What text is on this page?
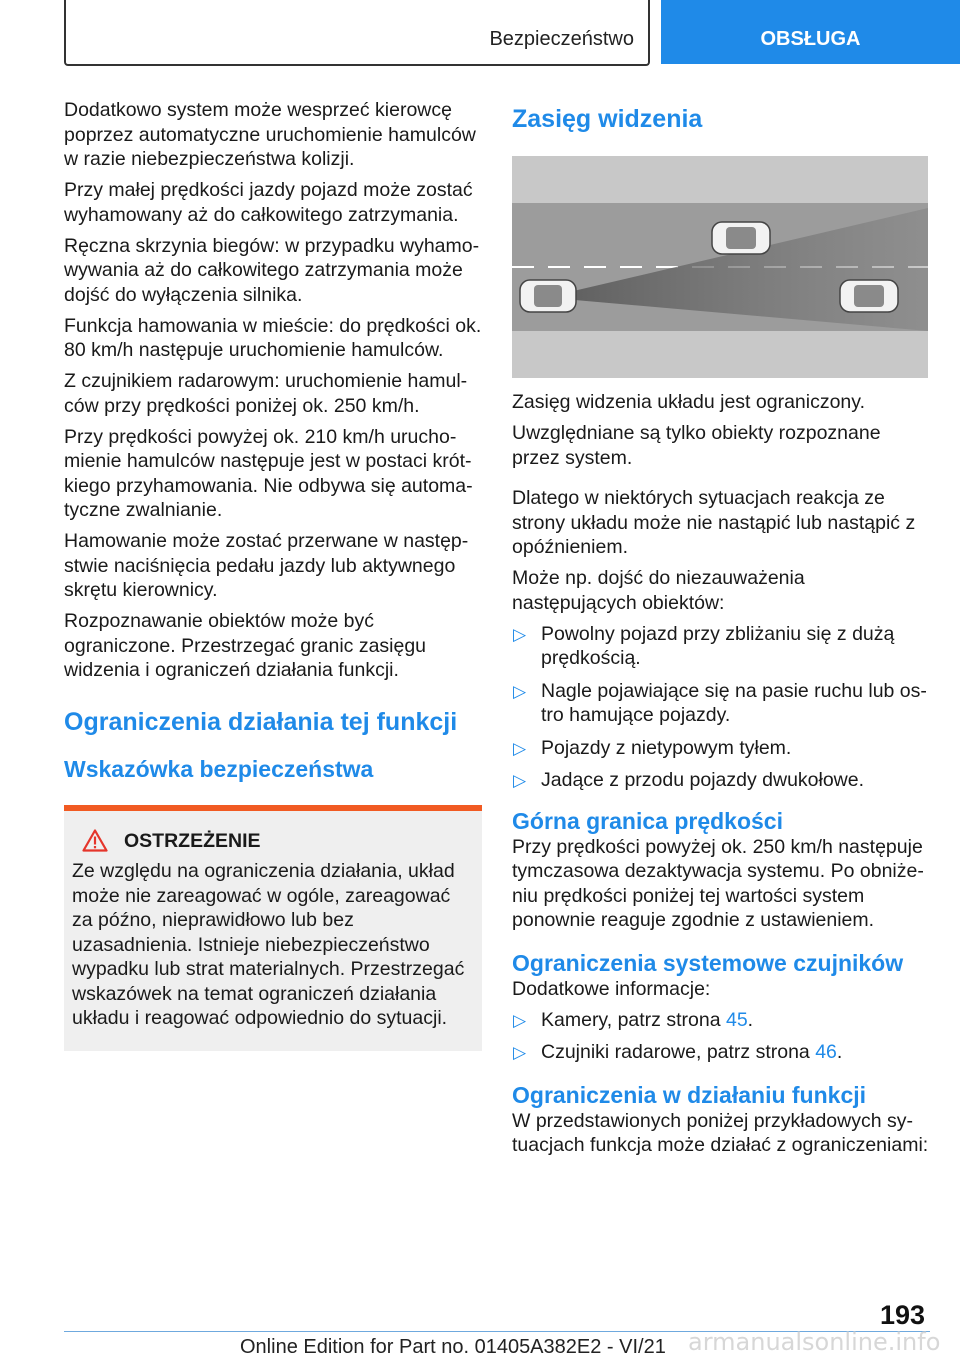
Bezpieczeństwo	OBSŁUGA

Dodatkowo system może wesprzeć kierowcę poprzez automatyczne uruchomienie hamulców w razie niebezpieczeństwa kolizji.

Przy małej prędkości jazdy pojazd może zostać wyhamowany aż do całkowitego zatrzymania.

Ręczna skrzynia biegów: w przypadku wyhamowywania aż do całkowitego zatrzymania może dojść do wyłączenia silnika.

Funkcja hamowania w mieście: do prędkości ok. 80 km/h następuje uruchomienie hamulców.

Z czujnikiem radarowym: uruchomienie hamulców przy prędkości poniżej ok. 250 km/h.

Przy prędkości powyżej ok. 210 km/h uruchomienie hamulców następuje jest w postaci krótkiego przyhamowania. Nie odbywa się automatyczne zwalnianie.

Hamowanie może zostać przerwane w następstwie naciśnięcia pedału jazdy lub aktywnego skrętu kierownicy.

Rozpoznawanie obiektów może być ograniczone. Przestrzegać granic zasięgu widzenia i ograniczeń działania funkcji.

Ograniczenia działania tej funkcji
Wskazówka bezpieczeństwa
OSTRZEŻENIE

Ze względu na ograniczenia działania, układ może nie zareagować w ogóle, zareagować za późno, nieprawidłowo lub bez uzasadnienia. Istnieje niebezpieczeństwo wypadku lub strat materialnych. Przestrzegać wskazówek na temat ograniczeń działania układu i reagować odpowiednio do sytuacji.

Zasięg widzenia

Zasięg widzenia układu jest ograniczony.

Uwzględniane są tylko obiekty rozpoznane przez system.

Dlatego w niektórych sytuacjach reakcja ze strony układu może nie nastąpić lub nastąpić z opóźnieniem.

Może np. dojść do niezauważenia następujących obiektów:

▷ Powolny pojazd przy zbliżaniu się z dużą prędkością.
▷ Nagle pojawiające się na pasie ruchu lub ostro hamujące pojazdy.
▷ Pojazdy z nietypowym tyłem.
▷ Jadące z przodu pojazdy dwukołowe.
Górna granica prędkości

Przy prędkości powyżej ok. 250 km/h następuje tymczasowa dezaktywacja systemu. Po obniżeniu prędkości poniżej tej wartości system ponownie reaguje zgodnie z ustawieniem.

Ograniczenia systemowe czujników

Dodatkowe informacje:

▷ Kamery, patrz strona 45.
▷ Czujniki radarowe, patrz strona 46.
Ograniczenia w działaniu funkcji

W przedstawionych poniżej przykładowych sytuacjach funkcja może działać z ograniczeniami:

193
Online Edition for Part no. 01405A382E2 - VI/21 armanualsonline.info
